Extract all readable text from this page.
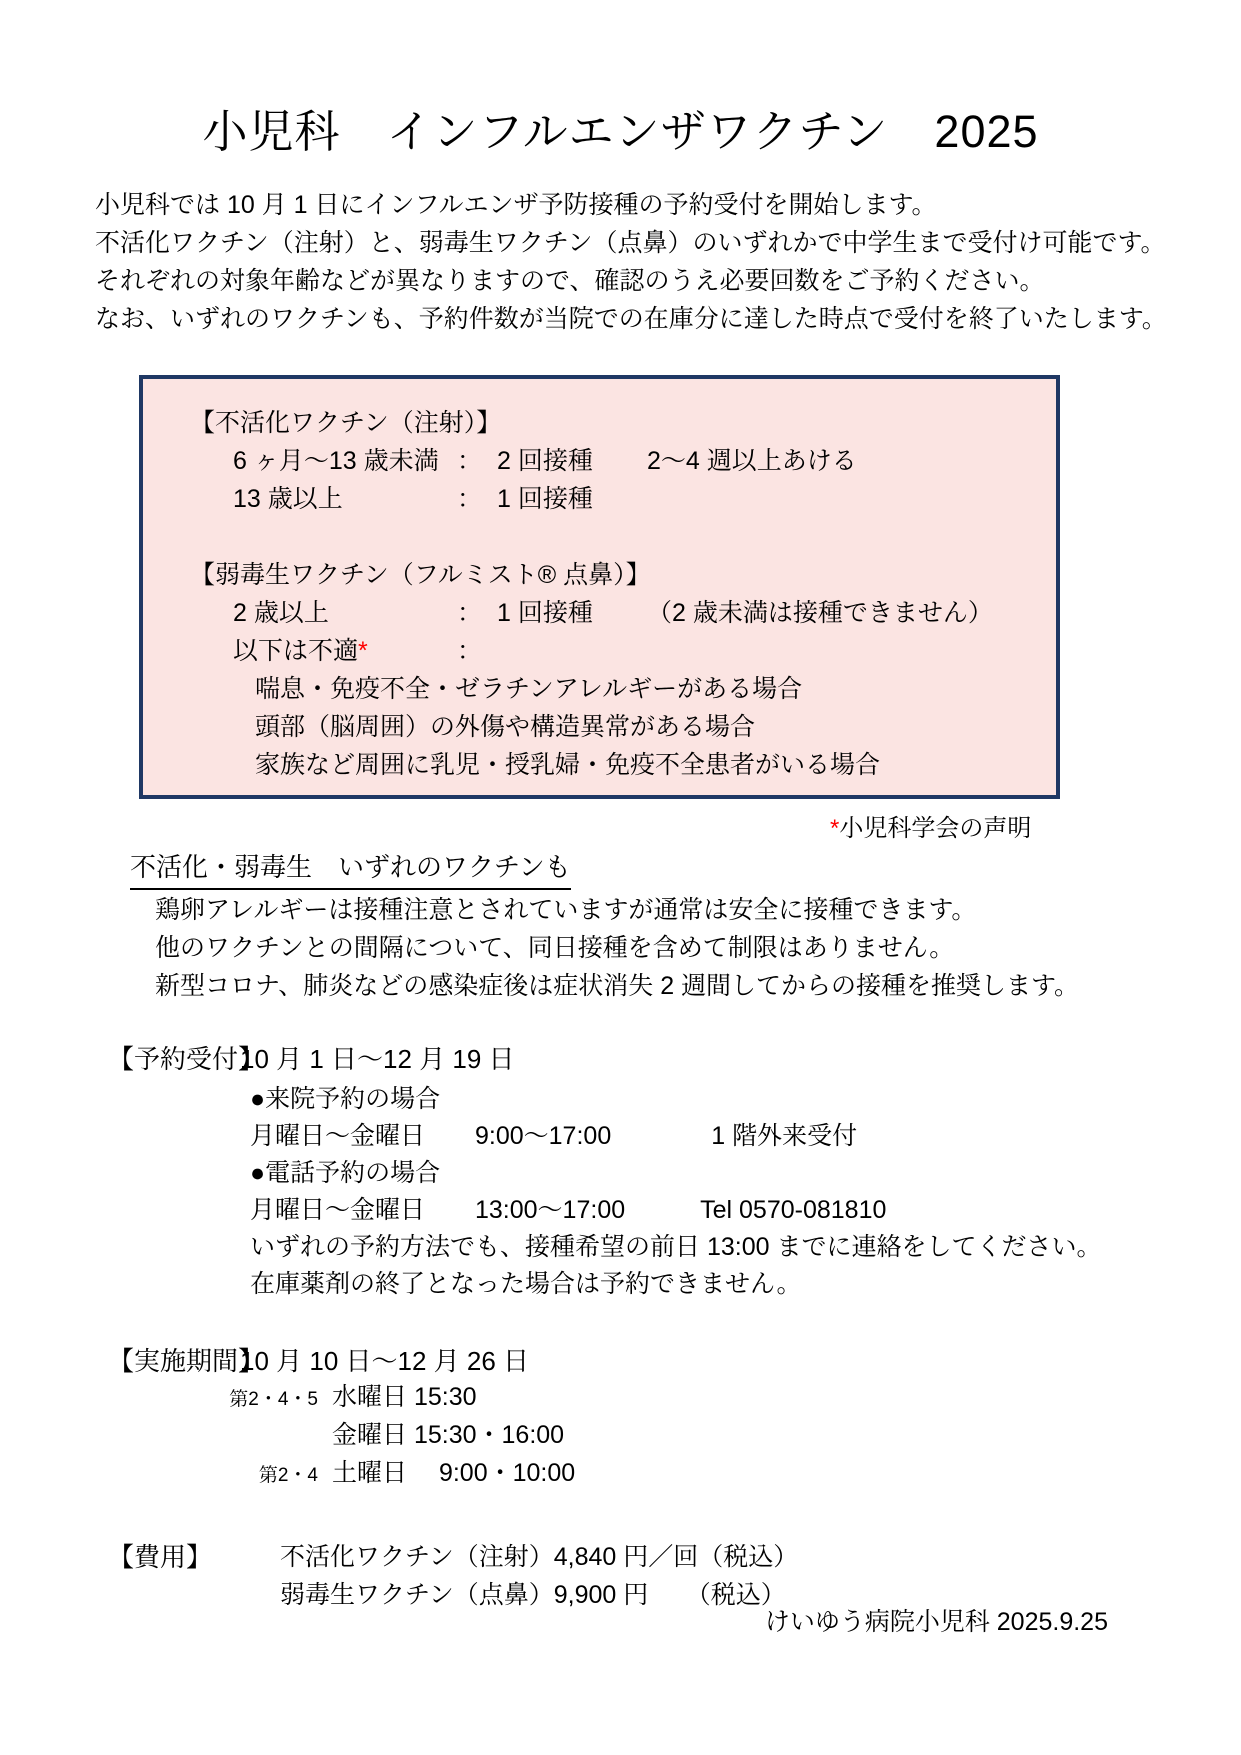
小児科　インフルエンザワクチン　2025
小児科では 10 月 1 日にインフルエンザ予防接種の予約受付を開始します。
不活化ワクチン（注射）と、弱毒生ワクチン（点鼻）のいずれかで中学生まで受付け可能です。
それぞれの対象年齢などが異なりますので、確認のうえ必要回数をご予約ください。
なお、いずれのワクチンも、予約件数が当院での在庫分に達した時点で受付を終了いたします。
【不活化ワクチン（注射）】
6 ヶ月～13 歳未満 ： 2 回接種	2～4 週以上あける
13 歳以上	： 1 回接種
【弱毒生ワクチン（フルミスト® 点鼻）】
2 歳以上	： 1 回接種	（2 歳未満は接種できません）
以下は不適*	：
喘息・免疫不全・ゼラチンアレルギーがある場合
頭部（脳周囲）の外傷や構造異常がある場合
家族など周囲に乳児・授乳婦・免疫不全患者がいる場合
*小児科学会の声明
不活化・弱毒生　いずれのワクチンも
鶏卵アレルギーは接種注意とされていますが通常は安全に接種できます。
他のワクチンとの間隔について、同日接種を含めて制限はありません。
新型コロナ、肺炎などの感染症後は症状消失 2 週間してからの接種を推奨します。
【予約受付】
10 月 1 日～12 月 19 日
●来院予約の場合
月曜日～金曜日　　9:00～17:00　　　　1 階外来受付
●電話予約の場合
月曜日～金曜日　　13:00～17:00　　　Tel 0570-081810
いずれの予約方法でも、接種希望の前日 13:00 までに連絡をしてください。
在庫薬剤の終了となった場合は予約できません。
【実施期間】
10 月 10 日～12 月 26 日
第2・4・5 水曜日 15:30
金曜日 15:30・16:00
第2・4 土曜日　 9:00・10:00
【費用】	不活化ワクチン（注射）4,840 円／回（税込）
弱毒生ワクチン（点鼻）9,900 円　　（税込）
けいゆう病院小児科 2025.9.25
